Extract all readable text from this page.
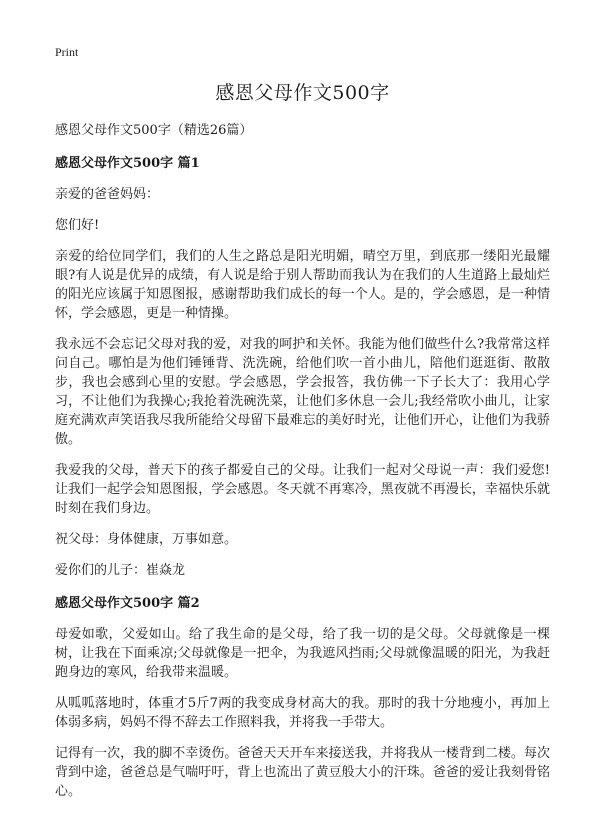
Print
感恩父母作文500字
感恩父母作文500字（精选26篇）
感恩父母作文500字 篇1

亲爱的爸爸妈妈：

您们好!

亲爱的给位同学们，我们的人生之路总是阳光明媚，晴空万里，到底那一缕阳光最耀眼?有人说是优异的成绩，有人说是给于别人帮助而我认为在我们的人生道路上最灿烂的阳光应该属于知恩图报，感谢帮助我们成长的每一个人。是的，学会感恩，是一种情怀，学会感恩，更是一种情操。

我永远不会忘记父母对我的爱，对我的呵护和关怀。我能为他们做些什么?我常常这样问自己。哪怕是为他们锤锤背、洗洗碗，给他们吹一首小曲儿，陪他们逛逛街、散散步，我也会感到心里的安慰。学会感恩，学会报答，我仿佛一下子长大了：我用心学习，不让他们为我操心;我抢着洗碗洗菜，让他们多休息一会儿;我经常吹小曲儿，让家庭充满欢声笑语我尽我所能给父母留下最难忘的美好时光，让他们开心，让他们为我骄傲。

我爱我的父母，普天下的孩子都爱自己的父母。让我们一起对父母说一声：我们爱您!让我们一起学会知恩图报，学会感恩。冬天就不再寒冷，黑夜就不再漫长，幸福快乐就时刻在我们身边。

祝父母：身体健康，万事如意。

爱你们的儿子：崔焱龙

感恩父母作文500字 篇2

母爱如歌，父爱如山。给了我生命的是父母，给了我一切的是父母。父母就像是一棵树，让我在下面乘凉;父母就像是一把伞，为我遮风挡雨;父母就像温暖的阳光，为我赶跑身边的寒风，给我带来温暖。

从呱呱落地时，体重才5斤7两的我变成身材高大的我。那时的我十分地瘦小，再加上体弱多病，妈妈不得不辞去工作照料我，并将我一手带大。

记得有一次，我的脚不幸烫伤。爸爸天天开车来接送我，并将我从一楼背到二楼。每次背到中途，爸爸总是气喘吁吁，背上也流出了黄豆般大小的汗珠。爸爸的爱让我刻骨铭心。
